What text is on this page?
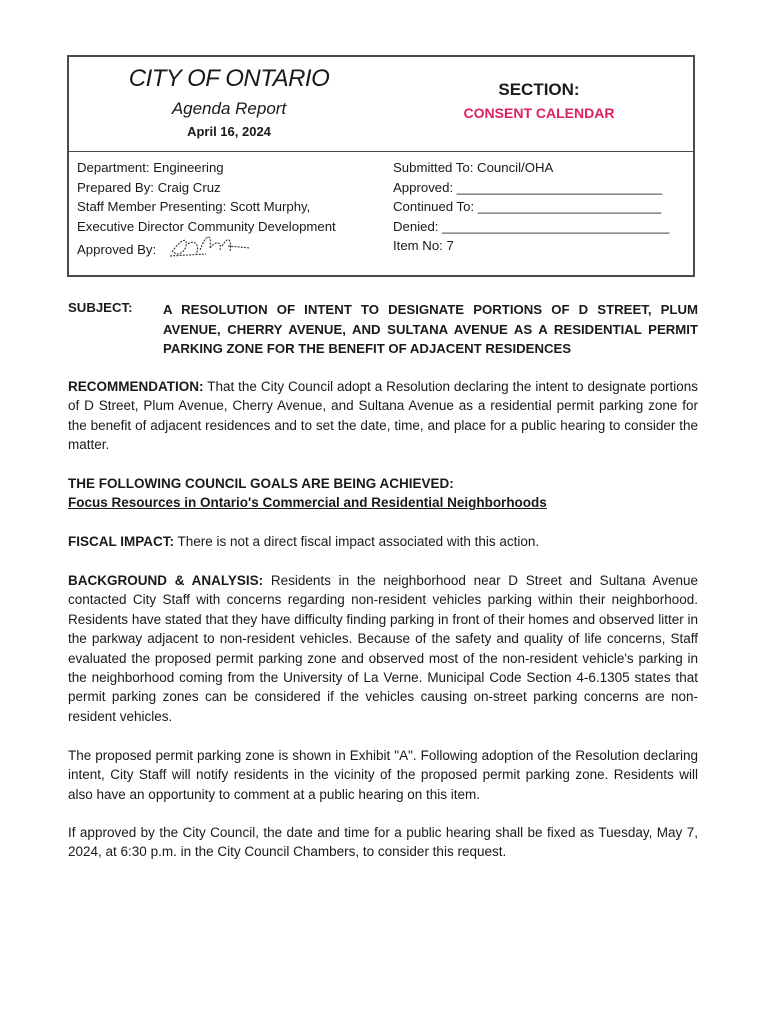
CITY OF ONTARIO
Agenda Report
April 16, 2024
SECTION:
CONSENT CALENDAR
Department: Engineering
Prepared By: Craig Cruz
Staff Member Presenting: Scott Murphy,
Executive Director Community Development
Approved By:
Submitted To: Council/OHA
Approved: ____________________________
Continued To: _________________________
Denied: _______________________________
Item No: 7
SUBJECT: A RESOLUTION OF INTENT TO DESIGNATE PORTIONS OF D STREET, PLUM AVENUE, CHERRY AVENUE, AND SULTANA AVENUE AS A RESIDENTIAL PERMIT PARKING ZONE FOR THE BENEFIT OF ADJACENT RESIDENCES
RECOMMENDATION: That the City Council adopt a Resolution declaring the intent to designate portions of D Street, Plum Avenue, Cherry Avenue, and Sultana Avenue as a residential permit parking zone for the benefit of adjacent residences and to set the date, time, and place for a public hearing to consider the matter.
THE FOLLOWING COUNCIL GOALS ARE BEING ACHIEVED:
Focus Resources in Ontario's Commercial and Residential Neighborhoods
FISCAL IMPACT: There is not a direct fiscal impact associated with this action.
BACKGROUND & ANALYSIS: Residents in the neighborhood near D Street and Sultana Avenue contacted City Staff with concerns regarding non-resident vehicles parking within their neighborhood. Residents have stated that they have difficulty finding parking in front of their homes and observed litter in the parkway adjacent to non-resident vehicles. Because of the safety and quality of life concerns, Staff evaluated the proposed permit parking zone and observed most of the non-resident vehicle's parking in the neighborhood coming from the University of La Verne. Municipal Code Section 4-6.1305 states that permit parking zones can be considered if the vehicles causing on-street parking concerns are non-resident vehicles.
The proposed permit parking zone is shown in Exhibit "A". Following adoption of the Resolution declaring intent, City Staff will notify residents in the vicinity of the proposed permit parking zone. Residents will also have an opportunity to comment at a public hearing on this item.
If approved by the City Council, the date and time for a public hearing shall be fixed as Tuesday, May 7, 2024, at 6:30 p.m. in the City Council Chambers, to consider this request.
